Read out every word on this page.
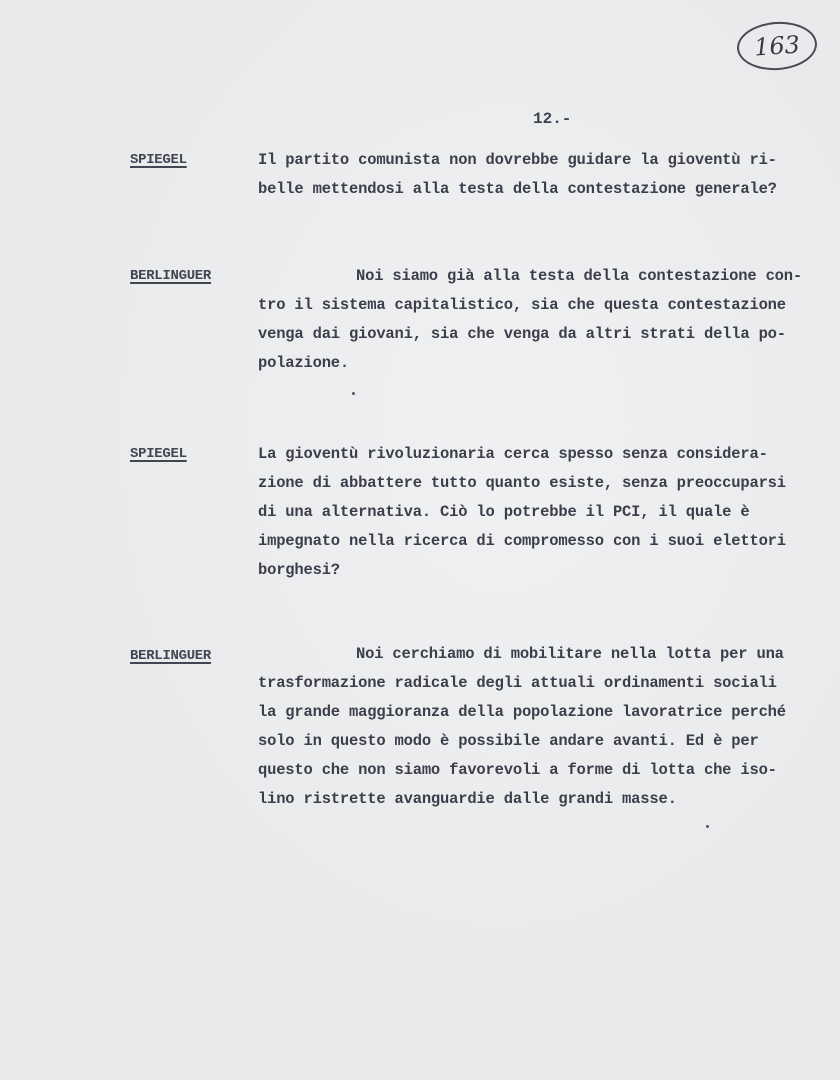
163
12.-
SPIEGEL	Il partito comunista non dovrebbe guidare la gioventù ri-
belle mettendosi alla testa della contestazione generale?
BERLINGUER	Noi siamo già alla testa della contestazione con-
tro il sistema capitalistico, sia che questa contestazione
venga dai giovani, sia che venga da altri strati della po-
polazione.
SPIEGEL	La gioventù rivoluzionaria cerca spesso senza considera-
zione di abbattere tutto quanto esiste, senza preoccuparsi
di una alternativa. Ciò lo potrebbe il PCI, il quale è
impegnato nella ricerca di compromesso con i suoi elettori
borghesi?
BERLINGUER	Noi cerchiamo di mobilitare nella lotta per una
trasformazione radicale degli attuali ordinamenti sociali
la grande maggioranza della popolazione lavoratrice perché
solo in questo modo è possibile andare avanti. Ed è per
questo che non siamo favorevoli a forme di lotta che iso-
lino ristrette avanguardie dalle grandi masse.
